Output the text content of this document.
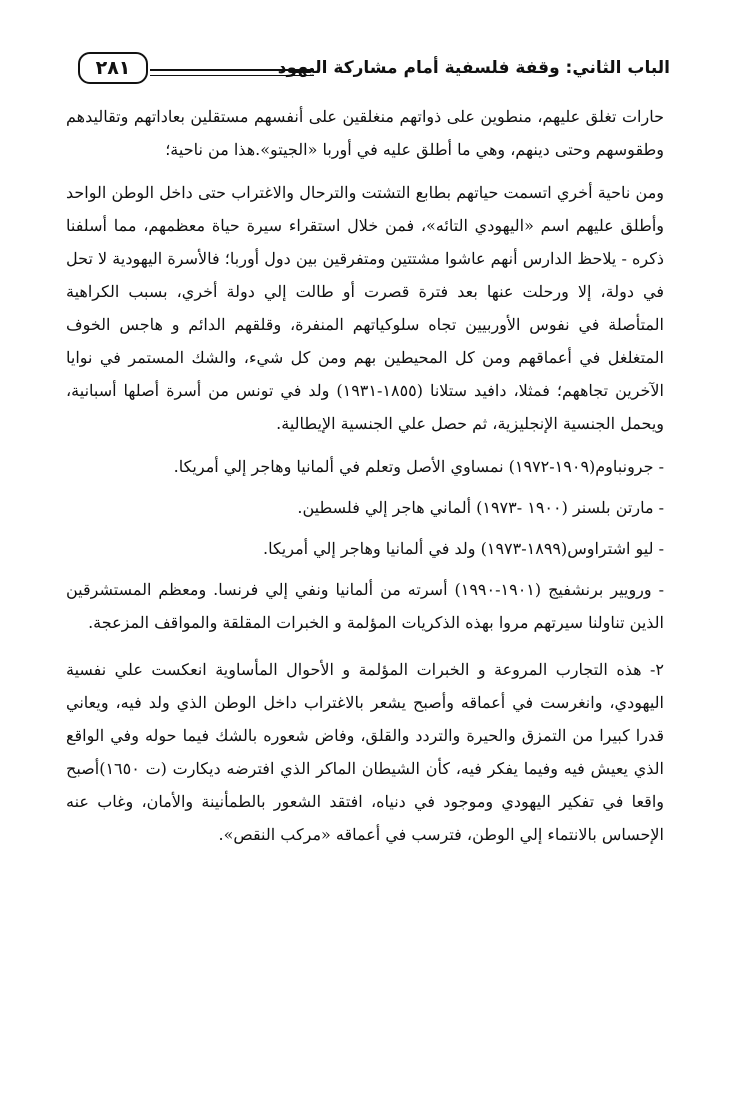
الباب الثاني: وقفة فلسفية أمام مشاركة اليهود
٢٨١

حارات تغلق عليهم، منطوين على ذواتهم منغلقين على أنفسهم مستقلين بعاداتهم وتقاليدهم وطقوسهم وحتى دينهم، وهي ما أطلق عليه في أوربا «الجيتو».هذا من ناحية؛

ومن ناحية أخري اتسمت حياتهم بطابع التشتت والترحال والاغتراب حتى داخل الوطن الواحد وأطلق عليهم اسم «اليهودي التائه»، فمن خلال استقراء سيرة حياة معظمهم، مما أسلفنا ذكره - يلاحظ الدارس أنهم عاشوا مشتتين ومتفرقين بين دول أوربا؛ فالأسرة اليهودية لا تحل في دولة، إلا ورحلت عنها بعد فترة قصرت أو طالت إلي دولة أخري، بسبب الكراهية المتأصلة في نفوس الأوربيين تجاه سلوكياتهم المنفرة، وقلقهم الدائم و هاجس الخوف المتغلغل في أعماقهم ومن كل المحيطين بهم ومن كل شيء، والشك المستمر في نوايا الآخرين تجاههم؛ فمثلا، دافيد ستلانا (١٨٥٥-١٩٣١) ولد في تونس من أسرة أصلها أسبانية، ويحمل الجنسية الإنجليزية، ثم حصل علي الجنسية الإيطالية.

- جرونباوم(١٩٠٩-١٩٧٢) نمساوي الأصل وتعلم في ألمانيا وهاجر إلي أمريكا.

- مارتن بلسنر (١٩٠٠ -١٩٧٣) ألماني هاجر إلي فلسطين.

- ليو اشتراوس(١٨٩٩-١٩٧٣) ولد في ألمانيا وهاجر إلي أمريكا.

- ورويير برنشفيج (١٩٠١-١٩٩٠) أسرته من ألمانيا ونفي إلي فرنسا. ومعظم المستشرقين الذين تناولنا سيرتهم مروا بهذه الذكريات المؤلمة و الخبرات المقلقة والمواقف المزعجة.

٢- هذه التجارب المروعة و الخبرات المؤلمة و الأحوال المأساوية انعكست علي نفسية اليهودي، وانغرست في أعماقه وأصبح يشعر بالاغتراب داخل الوطن الذي ولد فيه، ويعاني قدرا كبيرا من التمزق والحيرة والتردد والقلق، وفاض شعوره بالشك فيما حوله وفي الواقع الذي يعيش فيه وفيما يفكر فيه، كأن الشيطان الماكر الذي افترضه ديكارت (ت ١٦٥٠)أصبح واقعا في تفكير اليهودي وموجود في دنياه، افتقد الشعور بالطمأنينة والأمان، وغاب عنه الإحساس بالانتماء إلي الوطن، فترسب في أعماقه «مركب النقص».
